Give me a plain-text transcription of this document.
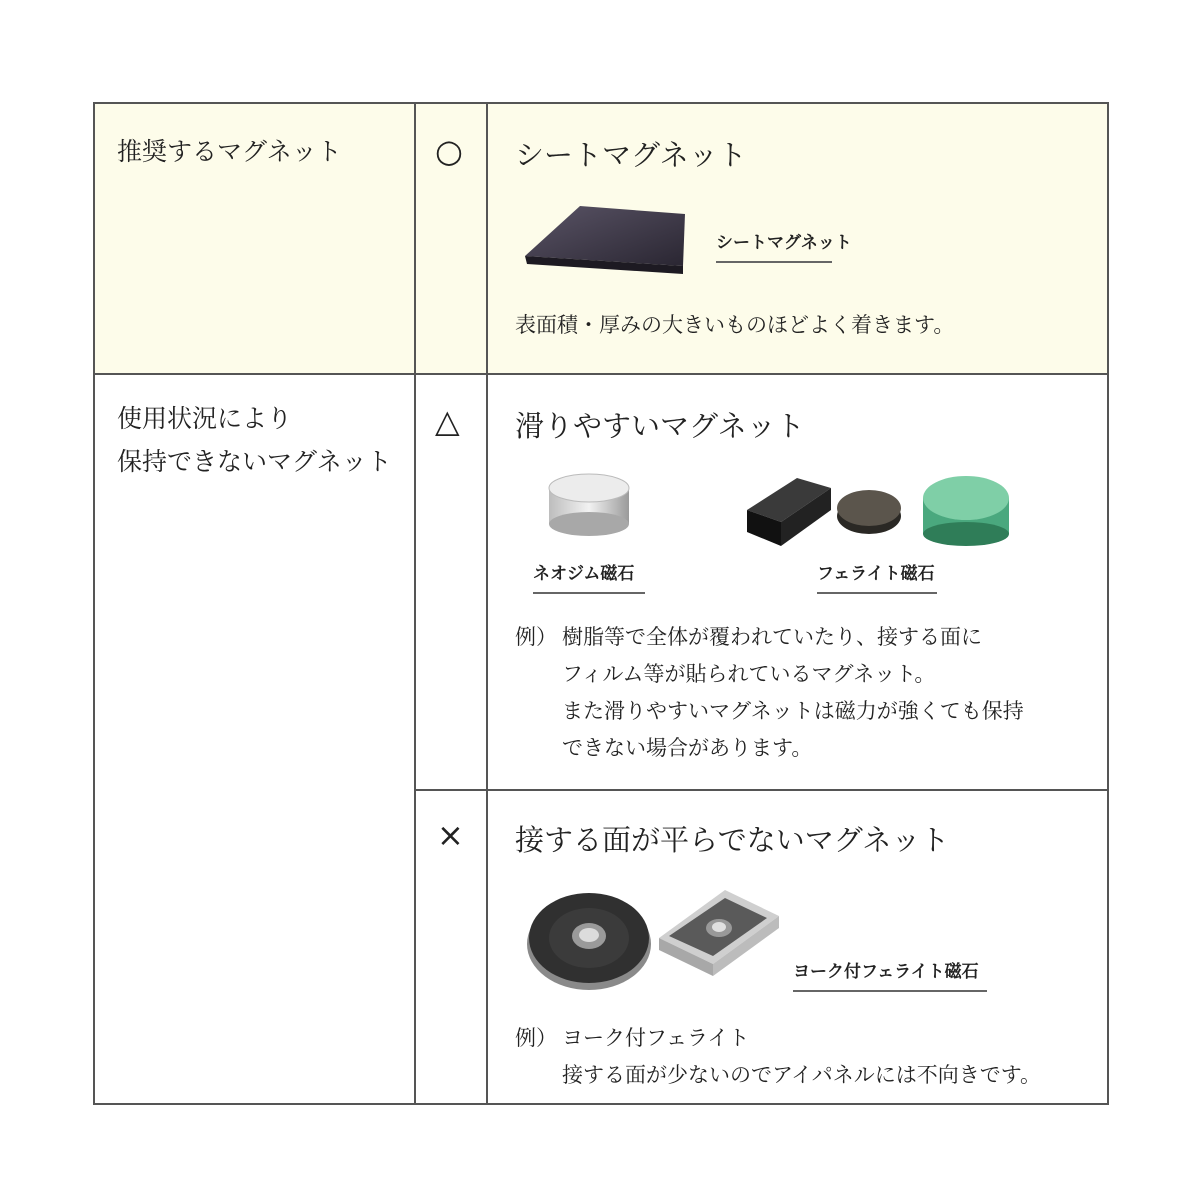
推奨するマグネット	○ シートマグネット
シートマグネット
表面積・厚みの大きいものほどよく着きます。
使用状況により
保持できないマグネット
△ 滑りやすいマグネット
ネオジム磁石	フェライト磁石
例） 樹脂等で全体が覆われていたり、接する面に
フィルム等が貼られているマグネット。
また滑りやすいマグネットは磁力が強くても保持
できない場合があります。
× 接する面が平らでないマグネット
ヨーク付フェライト磁石
例） ヨーク付フェライト
接する面が少ないのでアイパネルには不向きです。
